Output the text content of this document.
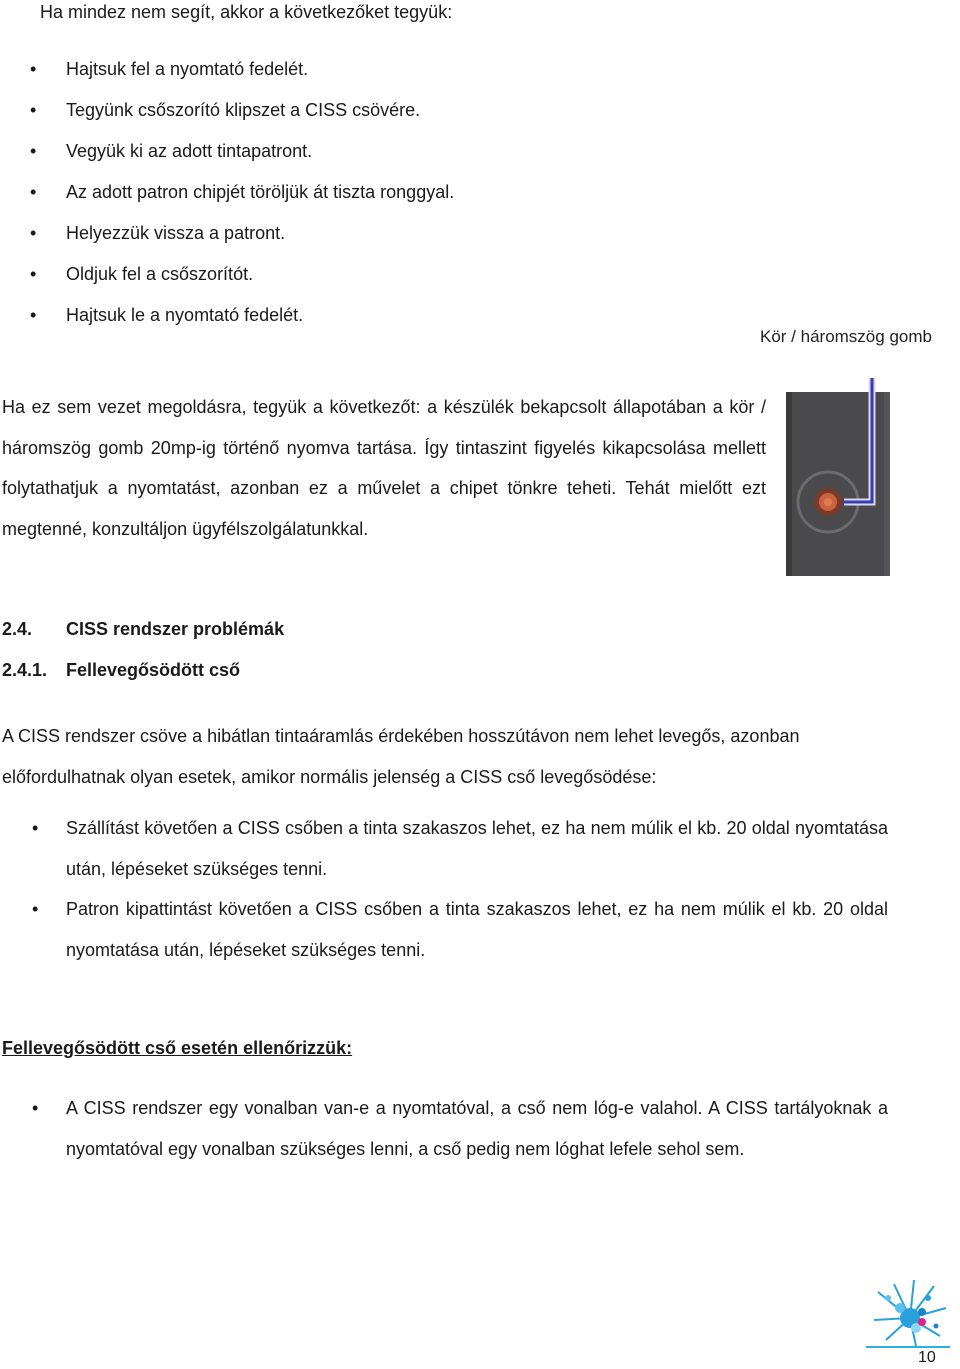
Ha mindez nem segít, akkor a következőket tegyük:
• Hajtsuk fel a nyomtató fedelét.
• Tegyünk csőszorító klipszet a CISS csövére.
• Vegyük ki az adott tintapatront.
• Az adott patron chipjét töröljük át tiszta ronggyal.
• Helyezzük vissza a patront.
• Oldjuk fel a csőszorítót.
• Hajtsuk le a nyomtató fedelét.
Kör / háromszög gomb
Ha ez sem vezet megoldásra, tegyük a következőt: a készülék bekapcsolt állapotában a kör / háromszög gomb 20mp-ig történő nyomva tartása. Így tintaszint figyelés kikapcsolása mellett folytathatjuk a nyomtatást, azonban ez a művelet a chipet tönkre teheti. Tehát mielőtt ezt megtenné, konzultáljon ügyfélszolgálatunkkal.
2.4. CISS rendszer problémák
2.4.1. Fellevegősödött cső
A CISS rendszer csöve a hibátlan tintaáramlás érdekében hosszútávon nem lehet levegős, azonban előfordulhatnak olyan esetek, amikor normális jelenség a CISS cső levegősödése:
• Szállítást követően a CISS csőben a tinta szakaszos lehet, ez ha nem múlik el kb. 20 oldal nyomtatása után, lépéseket szükséges tenni.
• Patron kipattintást követően a CISS csőben a tinta szakaszos lehet, ez ha nem múlik el kb. 20 oldal nyomtatása után, lépéseket szükséges tenni.
Fellevegősödött cső esetén ellenőrizzük:
• A CISS rendszer egy vonalban van-e a nyomtatóval, a cső nem lóg-e valahol. A CISS tartályoknak a nyomtatóval egy vonalban szükséges lenni, a cső pedig nem lóghat lefele sehol sem.
10
